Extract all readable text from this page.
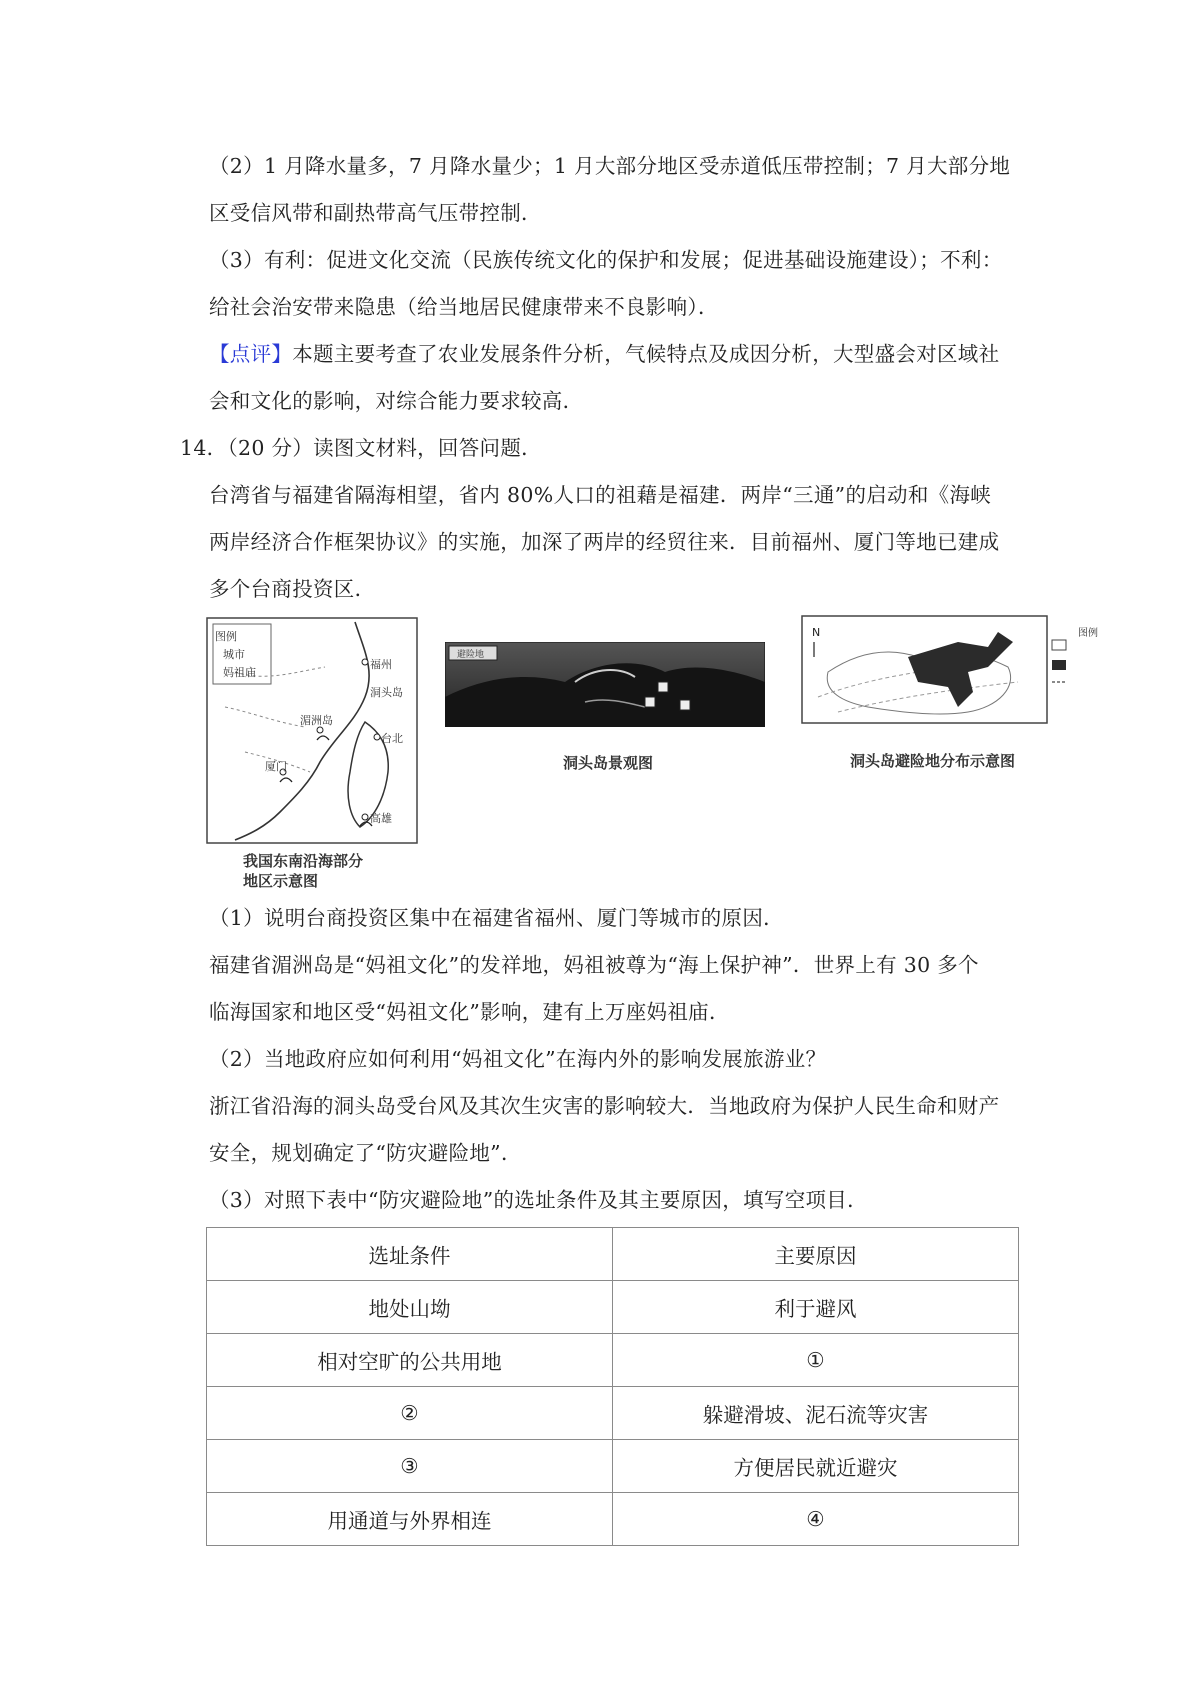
（2）1 月降水量多，7 月降水量少；1 月大部分地区受赤道低压带控制；7 月大部分地

区受信风带和副热带高气压带控制．

（3）有利：促进文化交流（民族传统文化的保护和发展；促进基础设施建设）；不利：

给社会治安带来隐患（给当地居民健康带来不良影响）．

【点评】本题主要考查了农业发展条件分析，气候特点及成因分析，大型盛会对区域社

会和文化的影响，对综合能力要求较高．

14．（20 分）读图文材料，回答问题．

台湾省与福建省隔海相望，省内 80%人口的祖藉是福建．两岸“三通”的启动和《海峡

两岸经济合作框架协议》的实施，加深了两岸的经贸往来．目前福州、厦门等地已建成

多个台商投资区．

图例
城市
妈祖庙
福州
洞头岛
湄洲岛
厦门
台北
高雄
我国东南沿海部分
地区示意图
避险地
洞头岛景观图
N	图例
洞头岛避险地分布示意图

（1）说明台商投资区集中在福建省福州、厦门等城市的原因．

福建省湄洲岛是“妈祖文化”的发祥地，妈祖被尊为“海上保护神”．世界上有 30 多个

临海国家和地区受“妈祖文化”影响，建有上万座妈祖庙．

（2）当地政府应如何利用“妈祖文化”在海内外的影响发展旅游业？

浙江省沿海的洞头岛受台风及其次生灾害的影响较大．当地政府为保护人民生命和财产

安全，规划确定了“防灾避险地”．

（3）对照下表中“防灾避险地”的选址条件及其主要原因，填写空项目．

选址条件	主要原因
地处山坳	利于避风
相对空旷的公共用地	①
②	躲避滑坡、泥石流等灾害
③	方便居民就近避灾
用通道与外界相连	④
